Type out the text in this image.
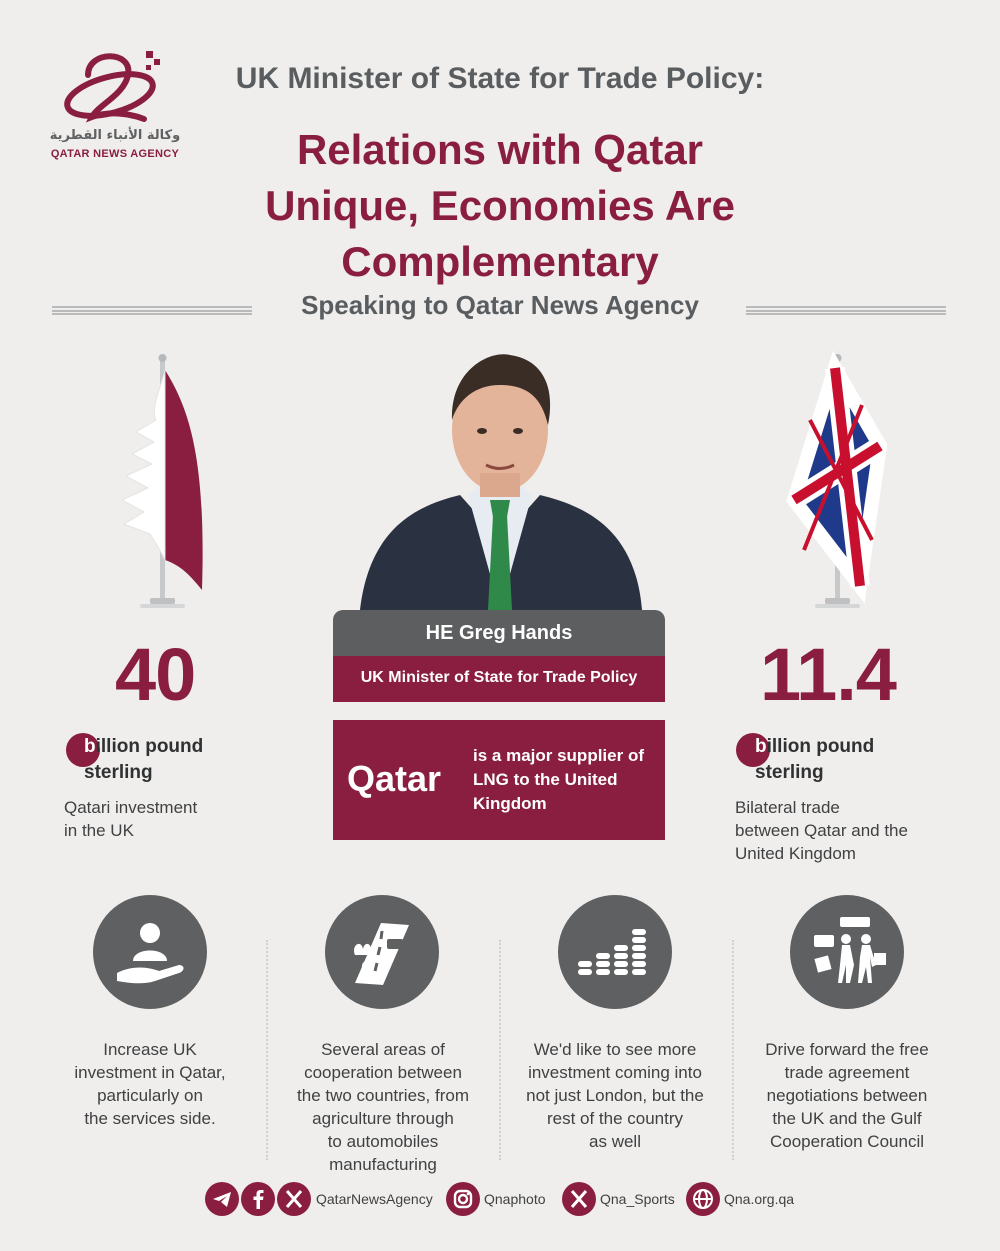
وكالة الأنباء القطرية
QATAR NEWS AGENCY
UK Minister of State for Trade Policy:
Relations with Qatar
Unique, Economies Are
Complementary
Speaking to Qatar News Agency
HE Greg Hands
UK Minister of State for Trade Policy
Qatar
is a major supplier of LNG to the United Kingdom
40
billion pound
sterling
Qatari investment
in the UK
11.4
billion pound
sterling
Bilateral trade
between Qatar and the
United Kingdom
Increase UK
investment in Qatar,
particularly on
the services side.
Several areas of
cooperation between
the two countries, from
agriculture through
to automobiles
manufacturing
We'd like to see more
investment coming into
not just London, but the
rest of the country
as well
Drive forward the free
trade agreement
negotiations between
the UK and the Gulf
Cooperation Council
QatarNewsAgency	Qnaphoto	Qna_Sports	Qna.org.qa
